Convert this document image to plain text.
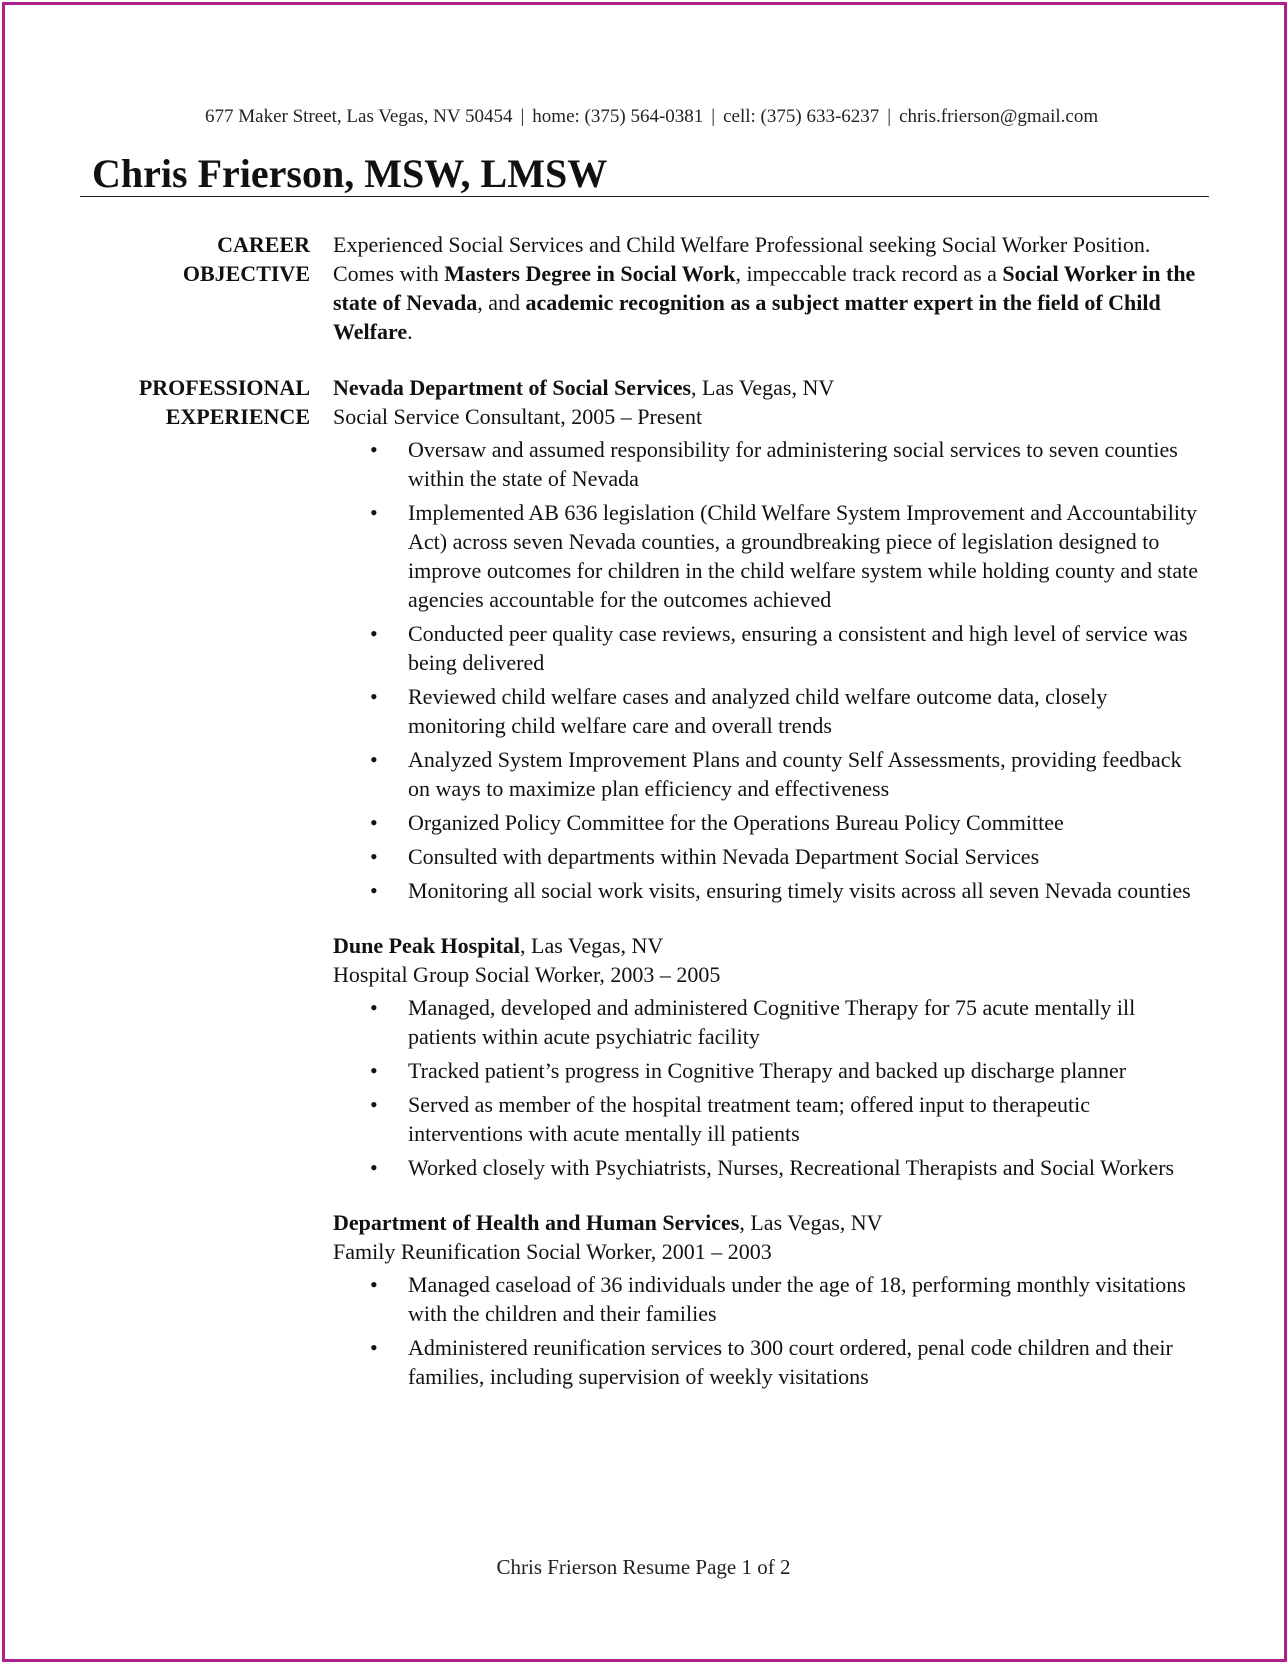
677 Maker Street, Las Vegas, NV 50454 | home: (375) 564-0381 | cell: (375) 633-6237 | chris.frierson@gmail.com
Chris Frierson, MSW, LMSW
CAREER
OBJECTIVE

Experienced Social Services and Child Welfare Professional seeking Social Worker Position. Comes with Masters Degree in Social Work, impeccable track record as a Social Worker in the state of Nevada, and academic recognition as a subject matter expert in the field of Child Welfare.

PROFESSIONAL
EXPERIENCE

Nevada Department of Social Services, Las Vegas, NV

Social Service Consultant, 2005 – Present

• Oversaw and assumed responsibility for administering social services to seven counties within the state of Nevada
• Implemented AB 636 legislation (Child Welfare System Improvement and Accountability Act) across seven Nevada counties, a groundbreaking piece of legislation designed to improve outcomes for children in the child welfare system while holding county and state agencies accountable for the outcomes achieved
• Conducted peer quality case reviews, ensuring a consistent and high level of service was being delivered
• Reviewed child welfare cases and analyzed child welfare outcome data, closely monitoring child welfare care and overall trends
• Analyzed System Improvement Plans and county Self Assessments, providing feedback on ways to maximize plan efficiency and effectiveness
• Organized Policy Committee for the Operations Bureau Policy Committee
• Consulted with departments within Nevada Department Social Services
• Monitoring all social work visits, ensuring timely visits across all seven Nevada counties

Dune Peak Hospital, Las Vegas, NV

Hospital Group Social Worker, 2003 – 2005

• Managed, developed and administered Cognitive Therapy for 75 acute mentally ill patients within acute psychiatric facility
• Tracked patient’s progress in Cognitive Therapy and backed up discharge planner
• Served as member of the hospital treatment team; offered input to therapeutic interventions with acute mentally ill patients
• Worked closely with Psychiatrists, Nurses, Recreational Therapists and Social Workers

Department of Health and Human Services, Las Vegas, NV

Family Reunification Social Worker, 2001 – 2003

• Managed caseload of 36 individuals under the age of 18, performing monthly visitations with the children and their families
• Administered reunification services to 300 court ordered, penal code children and their families, including supervision of weekly visitations
Chris Frierson Resume Page 1 of 2
